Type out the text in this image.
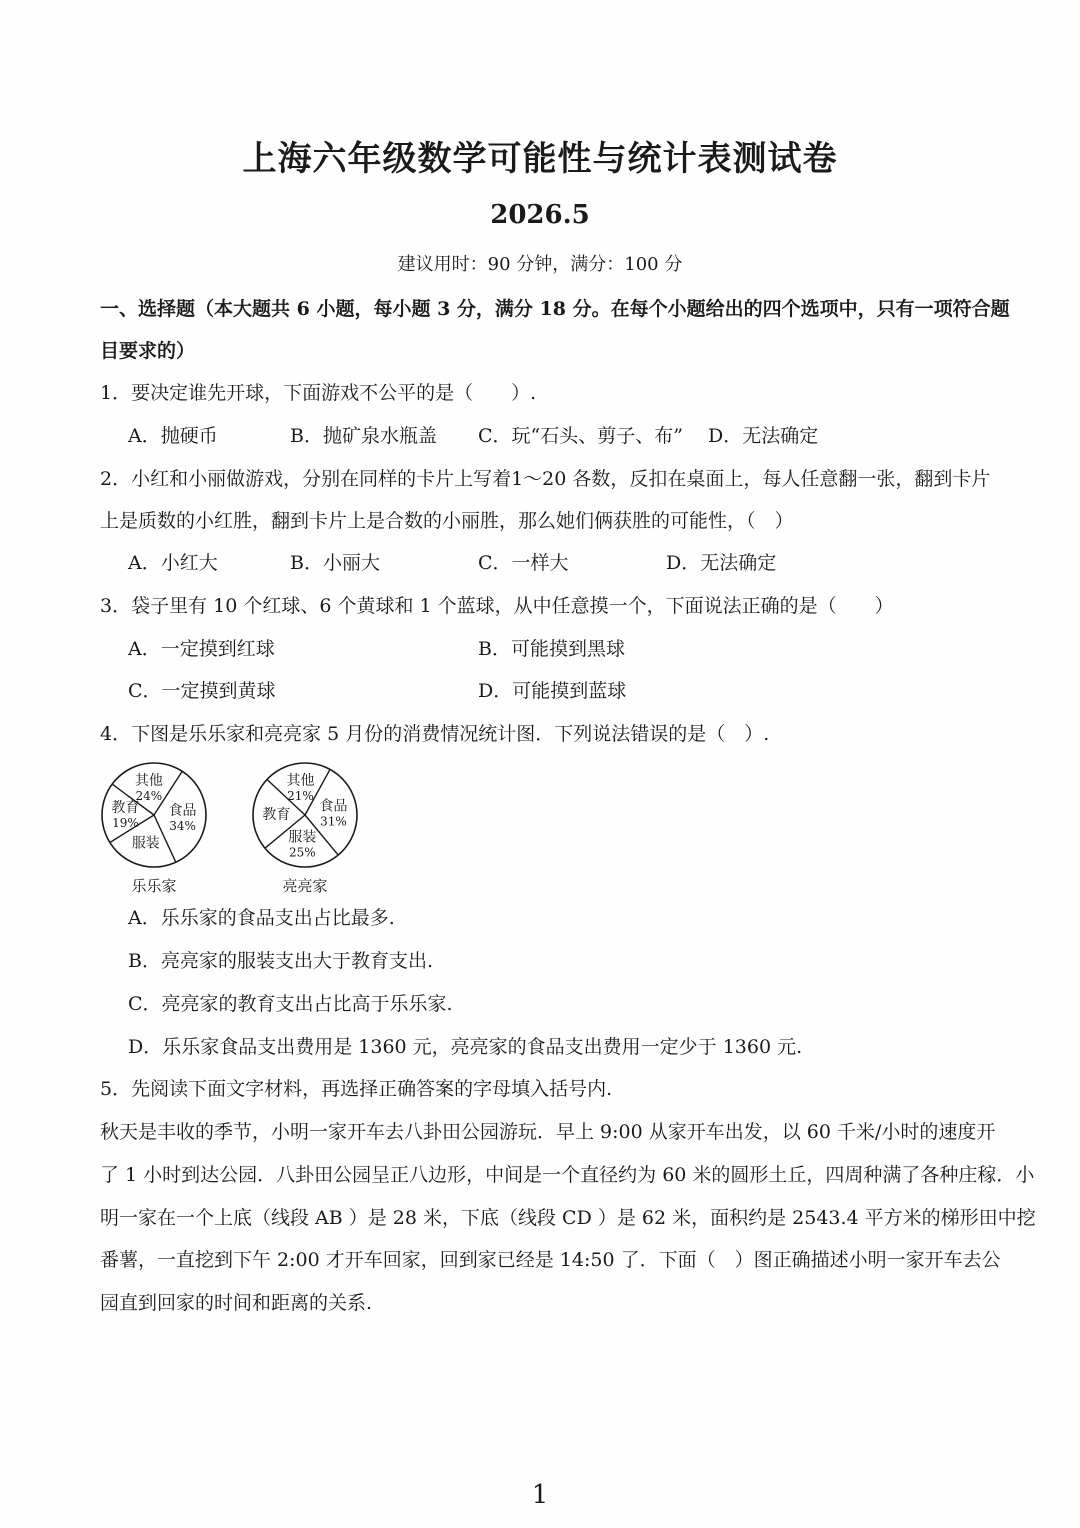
上海六年级数学可能性与统计表测试卷
2026.5
建议用时：90 分钟，满分：100 分
一、选择题（本大题共 6 小题，每小题 3 分，满分 18 分。在每个小题给出的四个选项中，只有一项符合题
目要求的）
1．要决定谁先开球，下面游戏不公平的是（　　）.
A．抛硬币	B．抛矿泉水瓶盖 C．玩“石头、剪子、布” D．无法确定
2．小红和小丽做游戏，分别在同样的卡片上写着1～20 各数，反扣在桌面上，每人任意翻一张，翻到卡片
上是质数的小红胜，翻到卡片上是合数的小丽胜，那么她们俩获胜的可能性，（　）
A．小红大	B．小丽大	C．一样大	D．无法确定
3．袋子里有 10 个红球、6 个黄球和 1 个蓝球，从中任意摸一个，下面说法正确的是（　　）
A．一定摸到红球	B．可能摸到黑球
C．一定摸到黄球	D．可能摸到蓝球
4．下图是乐乐家和亮亮家 5 月份的消费情况统计图．下列说法错误的是（　）.
其他
24%
食品
34%
服装
教育
19%
乐乐家
其他
21%
食品
31%
服装
25%
教育
亮亮家
A．乐乐家的食品支出占比最多.
B．亮亮家的服装支出大于教育支出.
C．亮亮家的教育支出占比高于乐乐家.
D．乐乐家食品支出费用是 1360 元，亮亮家的食品支出费用一定少于 1360 元.
5．先阅读下面文字材料，再选择正确答案的字母填入括号内.
秋天是丰收的季节，小明一家开车去八卦田公园游玩．早上 9:00 从家开车出发，以 60 千米/小时的速度开
了 1 小时到达公园．八卦田公园呈正八边形，中间是一个直径约为 60 米的圆形土丘，四周种满了各种庄稼．小
明一家在一个上底（线段 AB ）是 28 米，下底（线段 CD ）是 62 米，面积约是 2543.4 平方米的梯形田中挖
番薯，一直挖到下午 2:00 才开车回家，回到家已经是 14:50 了．下面（　）图正确描述小明一家开车去公
园直到回家的时间和距离的关系.
1
